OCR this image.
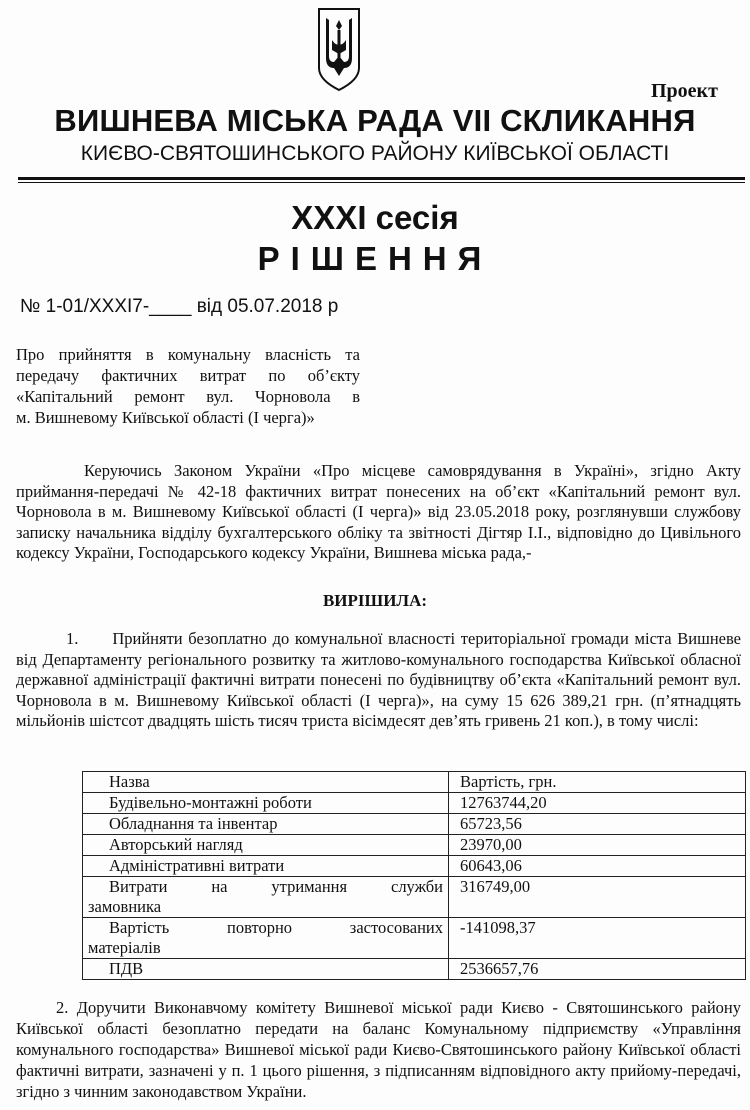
Проект
ВИШНЕВА МІСЬКА РАДА VII СКЛИКАННЯ
КИЄВО-СВЯТОШИНСЬКОГО РАЙОНУ КИЇВСЬКОЇ ОБЛАСТІ
XXXI сесія
РІШЕННЯ
№ 1-01/XXXI7-____ від 05.07.2018 р
Про прийняття в комунальну власність та
передачу фактичних витрат по об’єкту
«Капітальний ремонт вул. Чорновола в
м. Вишневому Київської області (І черга)»
Керуючись Законом України «Про місцеве самоврядування в Україні», згідно Акту приймання-передачі № 42-18 фактичних витрат понесених на об’єкт «Капітальний ремонт вул. Чорновола в м. Вишневому Київської області (І черга)» від 23.05.2018 року, розглянувши службову записку начальника відділу бухгалтерського обліку та звітності Дігтяр І.І., відповідно до Цивільного кодексу України, Господарського кодексу України, Вишнева міська рада,-
ВИРІШИЛА:
1.      Прийняти безоплатно до комунальної власності територіальної громади міста Вишневе від Департаменту регіонального розвитку та житлово-комунального господарства Київської обласної державної адміністрації фактичні витрати понесені по будівництву об’єкта «Капітальний ремонт вул. Чорновола в м. Вишневому Київської області (І черга)», на суму 15 626 389,21 грн. (п’ятнадцять мільйонів шістсот двадцять шість тисяч триста вісімдесят дев’ять гривень 21 коп.), в тому числі:
Назва	Вартість, грн.
Будівельно-монтажні роботи	12763744,20
Обладнання та інвентар	65723,56
Авторський нагляд	23970,00
Адміністративні витрати	60643,06

Витрати на утримання служби
замовника	316749,00

Вартість повторно застосованих
матеріалів	-141098,37
ПДВ	2536657,76
2. Доручити Виконавчому комітету Вишневої міської ради Києво - Святошинського району Київської області безоплатно передати на баланс Комунальному підприємству «Управління комунального господарства» Вишневої міської ради Києво-Святошинського району Київської області фактичні витрати, зазначені у п. 1 цього рішення, з підписанням відповідного акту прийому-передачі, згідно з чинним законодавством України.
